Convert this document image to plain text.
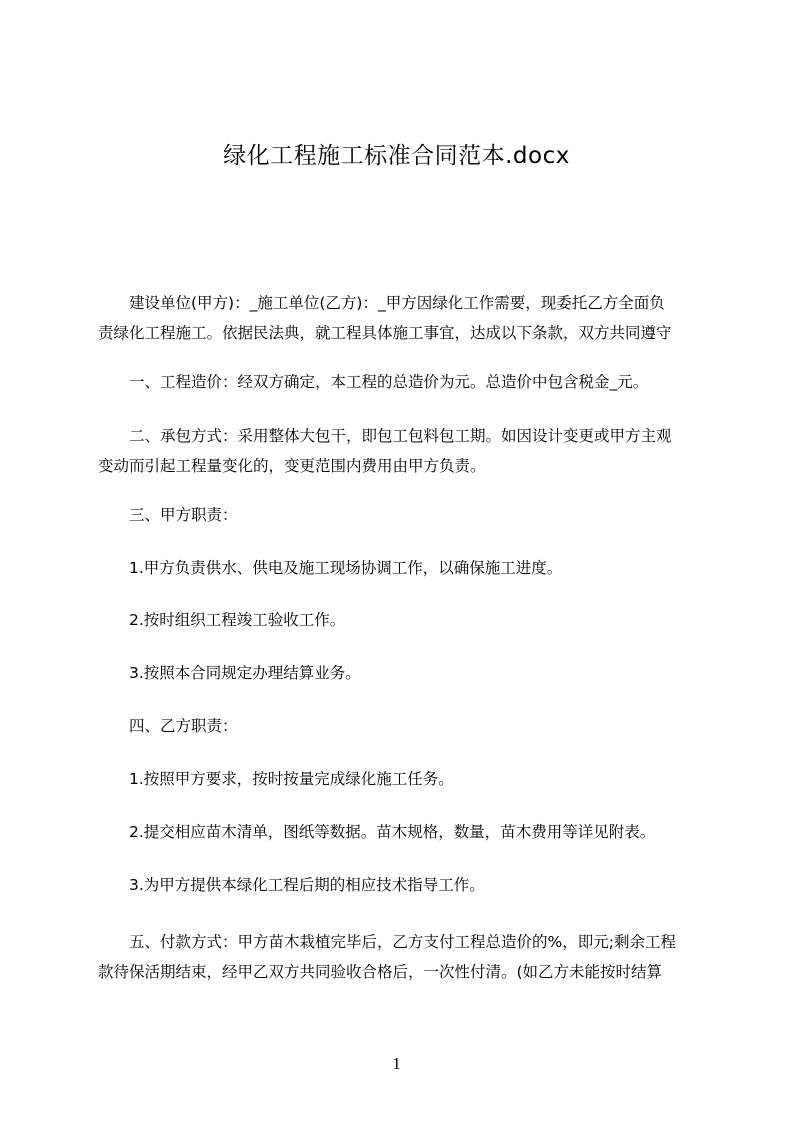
绿化工程施工标准合同范本.docx
　　建设单位(甲方)：_施工单位(乙方)：_甲方因绿化工作需要，现委托乙方全面负
责绿化工程施工。依据民法典，就工程具体施工事宜，达成以下条款，双方共同遵守
　　一、工程造价：经双方确定，本工程的总造价为元。总造价中包含税金_元。
　　二、承包方式：采用整体大包干，即包工包料包工期。如因设计变更或甲方主观
变动而引起工程量变化的，变更范围内费用由甲方负责。
　　三、甲方职责：
　　1.甲方负责供水、供电及施工现场协调工作，以确保施工进度。
　　2.按时组织工程竣工验收工作。
　　3.按照本合同规定办理结算业务。
　　四、乙方职责：
　　1.按照甲方要求，按时按量完成绿化施工任务。
　　2.提交相应苗木清单，图纸等数据。苗木规格，数量，苗木费用等详见附表。
　　3.为甲方提供本绿化工程后期的相应技术指导工作。
　　五、付款方式：甲方苗木栽植完毕后，乙方支付工程总造价的%，即元;剩余工程
款待保活期结束，经甲乙双方共同验收合格后，一次性付清。(如乙方未能按时结算
1
